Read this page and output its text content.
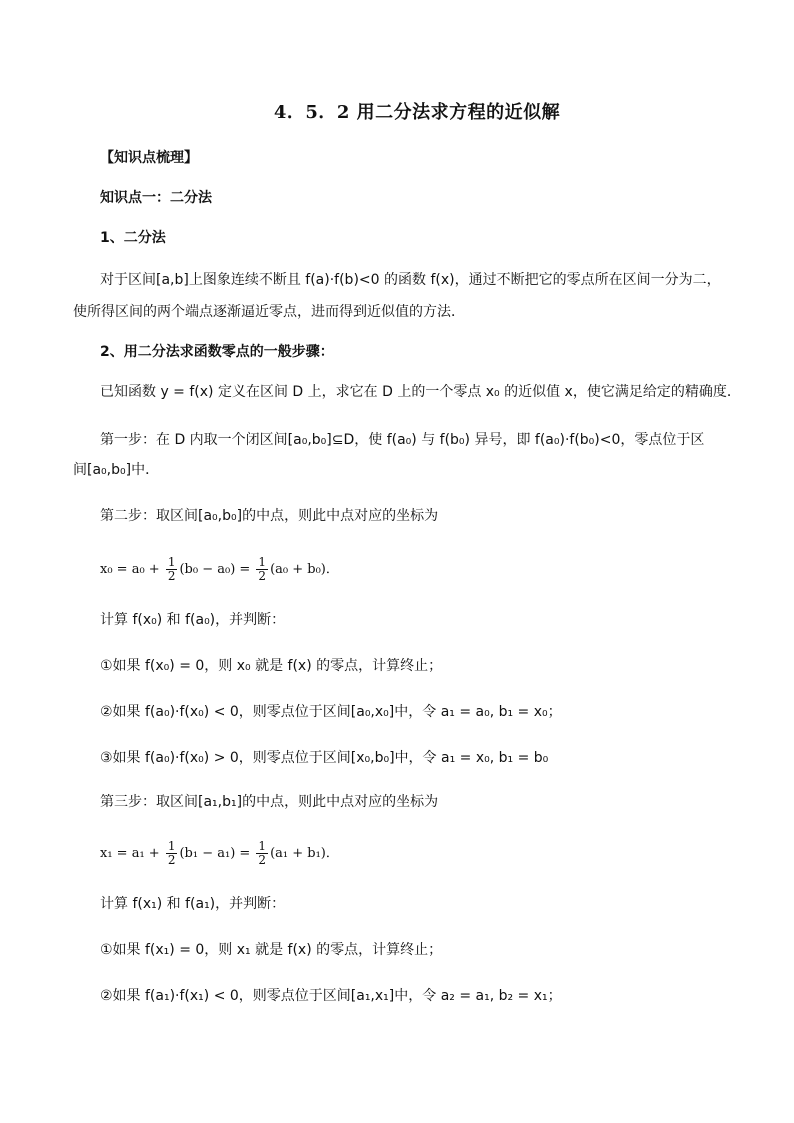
4．5．2 用二分法求方程的近似解
【知识点梳理】
知识点一：二分法
1、二分法
对于区间[a,b]上图象连续不断且 f(a)·f(b)<0 的函数 f(x)，通过不断把它的零点所在区间一分为二，
使所得区间的两个端点逐渐逼近零点，进而得到近似值的方法．
2、用二分法求函数零点的一般步骤：
已知函数 y = f(x) 定义在区间 D 上，求它在 D 上的一个零点 x₀ 的近似值 x，使它满足给定的精确度．
第一步：在 D 内取一个闭区间[a₀,b₀]⊆D，使 f(a₀) 与 f(b₀) 异号，即 f(a₀)·f(b₀)<0，零点位于区
间[a₀,b₀]中．
第二步：取区间[a₀,b₀]的中点，则此中点对应的坐标为
$x_0 = a_0 + \frac{1}{2} (b_0 - a_0) = \frac{1}{2} (a_0 + b_0)$．
计算 f(x₀) 和 f(a₀)，并判断：
①如果 f(x₀) = 0，则 x₀ 就是 f(x) 的零点，计算终止；
②如果 f(a₀)·f(x₀) < 0，则零点位于区间[a₀,x₀]中，令 a₁ = a₀, b₁ = x₀；
③如果 f(a₀)·f(x₀) > 0，则零点位于区间[x₀,b₀]中，令 a₁ = x₀, b₁ = b₀
第三步：取区间[a₁,b₁]的中点，则此中点对应的坐标为
$x_1 = a_1 + \frac{1}{2} (b_1 - a_1) = \frac{1}{2} (a_1 + b_1)$．
计算 f(x₁) 和 f(a₁)，并判断：
①如果 f(x₁) = 0，则 x₁ 就是 f(x) 的零点，计算终止；
②如果 f(a₁)·f(x₁) < 0，则零点位于区间[a₁,x₁]中，令 a₂ = a₁, b₂ = x₁；
